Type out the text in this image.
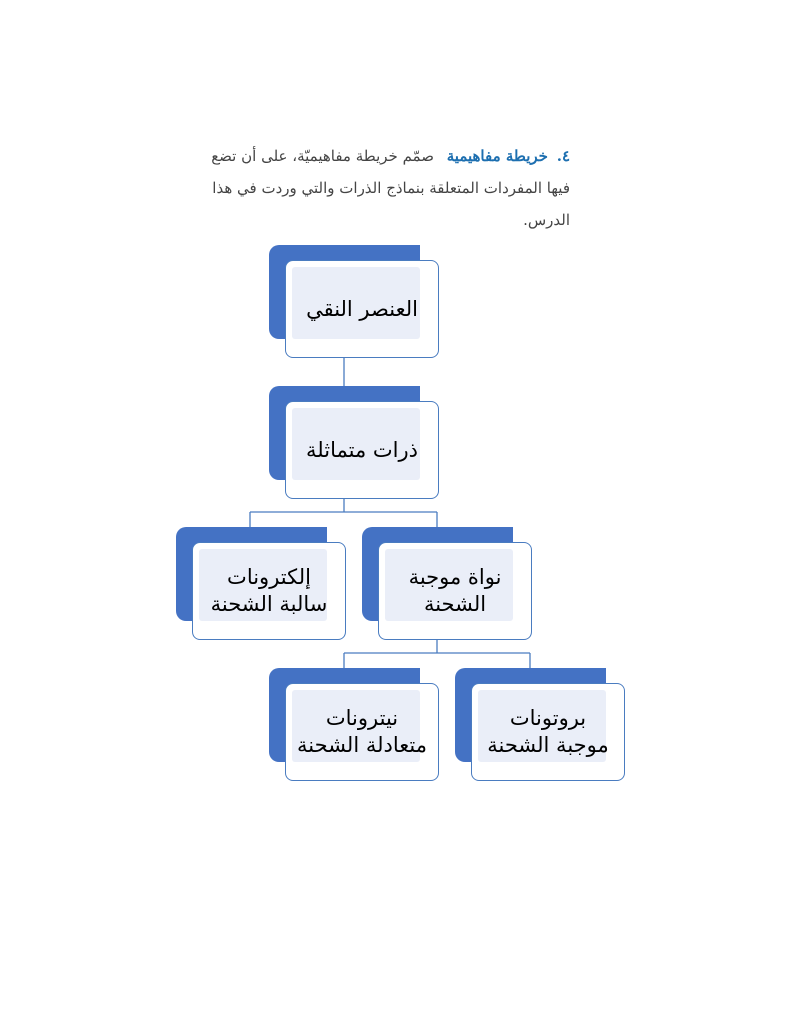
٤. خريطة مفاهيمية صمّم خريطة مفاهيميّة، على أن تضع فيها المفردات المتعلقة بنماذج الذرات والتي وردت في هذا الدرس.
العنصر النقي
ذرات متماثلة
إلكترونات
سالبة الشحنة
نواة موجبة
الشحنة
نيترونات
متعادلة الشحنة
بروتونات
موجبة الشحنة
